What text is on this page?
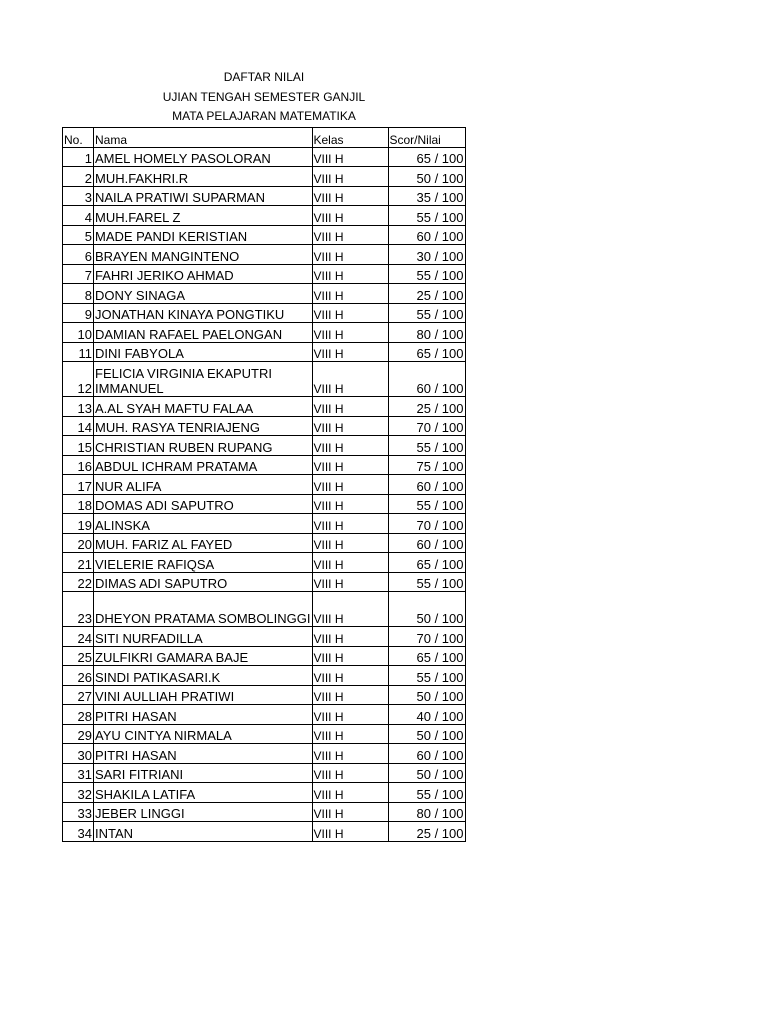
DAFTAR NILAI
UJIAN TENGAH SEMESTER GANJIL
MATA PELAJARAN MATEMATIKA
No.	Nama	Kelas	Scor/Nilai
1	AMEL HOMELY PASOLORAN	VIII H	65 / 100
2	MUH.FAKHRI.R	VIII H	50 / 100
3	NAILA PRATIWI SUPARMAN	VIII H	35 / 100
4	MUH.FAREL Z	VIII H	55 / 100
5	MADE PANDI KERISTIAN	VIII H	60 / 100
6	BRAYEN MANGINTENO	VIII H	30 / 100
7	FAHRI JERIKO AHMAD	VIII H	55 / 100
8	DONY SINAGA	VIII H	25 / 100
9	JONATHAN KINAYA PONGTIKU	VIII H	55 / 100
10	DAMIAN RAFAEL PAELONGAN	VIII H	80 / 100
11	DINI FABYOLA	VIII H	65 / 100
12	FELICIA VIRGINIA EKAPUTRI IMMANUEL	VIII H	60 / 100
13	A.AL SYAH MAFTU FALAA	VIII H	25 / 100
14	MUH. RASYA TENRIAJENG	VIII H	70 / 100
15	CHRISTIAN RUBEN RUPANG	VIII H	55 / 100
16	ABDUL ICHRAM PRATAMA	VIII H	75 / 100
17	NUR ALIFA	VIII H	60 / 100
18	DOMAS ADI SAPUTRO	VIII H	55 / 100
19	ALINSKA	VIII H	70 / 100
20	MUH. FARIZ AL FAYED	VIII H	60 / 100
21	VIELERIE RAFIQSA	VIII H	65 / 100
22	DIMAS ADI SAPUTRO	VIII H	55 / 100
23	DHEYON PRATAMA SOMBOLINGGI	VIII H	50 / 100
24	SITI NURFADILLA	VIII H	70 / 100
25	ZULFIKRI GAMARA BAJE	VIII H	65 / 100
26	SINDI PATIKASARI.K	VIII H	55 / 100
27	VINI AULLIAH PRATIWI	VIII H	50 / 100
28	PITRI HASAN	VIII H	40 / 100
29	AYU CINTYA NIRMALA	VIII H	50 / 100
30	PITRI HASAN	VIII H	60 / 100
31	SARI FITRIANI	VIII H	50 / 100
32	SHAKILA LATIFA	VIII H	55 / 100
33	JEBER LINGGI	VIII H	80 / 100
34	INTAN	VIII H	25 / 100
